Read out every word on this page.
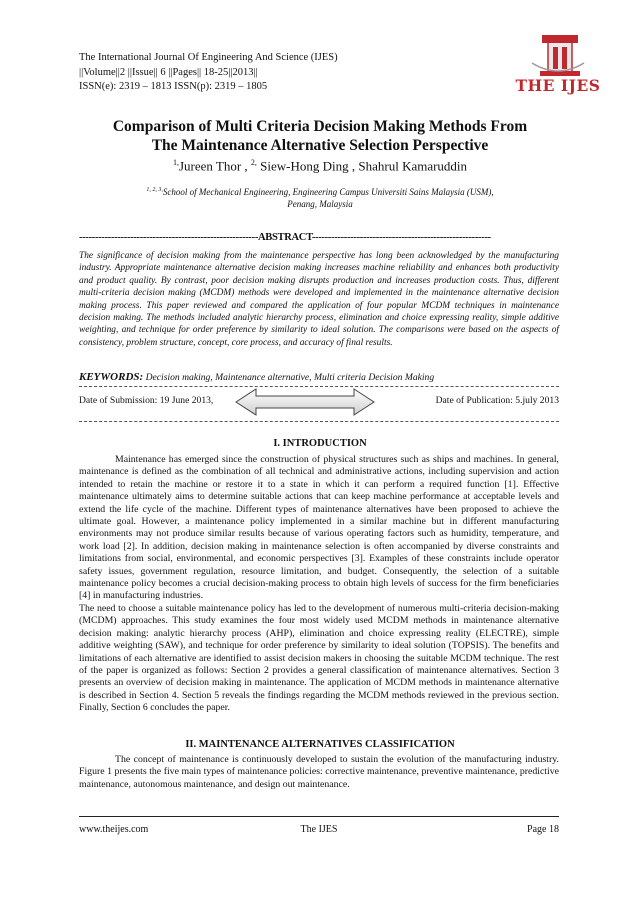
The International Journal Of Engineering And Science (IJES)
||Volume||2 ||Issue|| 6 ||Pages|| 18-25||2013||
ISSN(e): 2319 – 1813 ISSN(p): 2319 – 1805	THE IJES
Comparison of Multi Criteria Decision Making Methods From
The Maintenance Alternative Selection Perspective
$^{1,}$Jureen Thor , $^{2,}$ Siew-Hong Ding , Shahrul Kamaruddin
$^{1, 2, 3,}$School of Mechanical Engineering, Engineering Campus Universiti Sains Malaysia (USM),
Penang, Malaysia
--------------------------------------------------------ABSTRACT--------------------------------------------------------
The significance of decision making from the maintenance perspective has long been acknowledged by the manufacturing industry. Appropriate maintenance alternative decision making increases machine reliability and enhances both productivity and product quality. By contrast, poor decision making disrupts production and increases production costs. Thus, different multi-criteria decision making (MCDM) methods were developed and implemented in the maintenance alternative decision making process. This paper reviewed and compared the application of four popular MCDM techniques in maintenance decision making. The methods included analytic hierarchy process, elimination and choice expressing reality, simple additive weighting, and technique for order preference by similarity to ideal solution. The comparisons were based on the aspects of consistency, problem structure, concept, core process, and accuracy of final results.
KEYWORDS: Decision making, Maintenance alternative, Multi criteria Decision Making
Date of Submission: 19 June 2013,	Date of Publication: 5.july 2013
I. INTRODUCTION

Maintenance has emerged since the construction of physical structures such as ships and machines. In general, maintenance is defined as the combination of all technical and administrative actions, including supervision and action intended to retain the machine or restore it to a state in which it can perform a required function [1]. Effective maintenance ultimately aims to determine suitable actions that can keep machine performance at acceptable levels and extend the life cycle of the machine. Different types of maintenance alternatives have been proposed to achieve the ultimate goal. However, a maintenance policy implemented in a similar machine but in different manufacturing environments may not produce similar results because of various operating factors such as humidity, temperature, and work load [2]. In addition, decision making in maintenance selection is often accompanied by diverse constraints and limitations from social, environmental, and economic perspectives [3]. Examples of these constraints include operator safety issues, government regulation, resource limitation, and budget. Consequently, the selection of a suitable maintenance policy becomes a crucial decision-making process to obtain high levels of success for the firm beneficiaries [4] in manufacturing industries.

The need to choose a suitable maintenance policy has led to the development of numerous multi-criteria decision-making (MCDM) approaches. This study examines the four most widely used MCDM methods in maintenance alternative decision making: analytic hierarchy process (AHP), elimination and choice expressing reality (ELECTRE), simple additive weighting (SAW), and technique for order preference by similarity to ideal solution (TOPSIS). The benefits and limitations of each alternative are identified to assist decision makers in choosing the suitable MCDM technique. The rest of the paper is organized as follows: Section 2 provides a general classification of maintenance alternatives. Section 3 presents an overview of decision making in maintenance. The application of MCDM methods in maintenance alternative is described in Section 4. Section 5 reveals the findings regarding the MCDM methods reviewed in the previous section. Finally, Section 6 concludes the paper.

II. MAINTENANCE ALTERNATIVES CLASSIFICATION

The concept of maintenance is continuously developed to sustain the evolution of the manufacturing industry. Figure 1 presents the five main types of maintenance policies: corrective maintenance, preventive maintenance, predictive maintenance, autonomous maintenance, and design out maintenance.

www.theijes.com	The IJES	Page 18
